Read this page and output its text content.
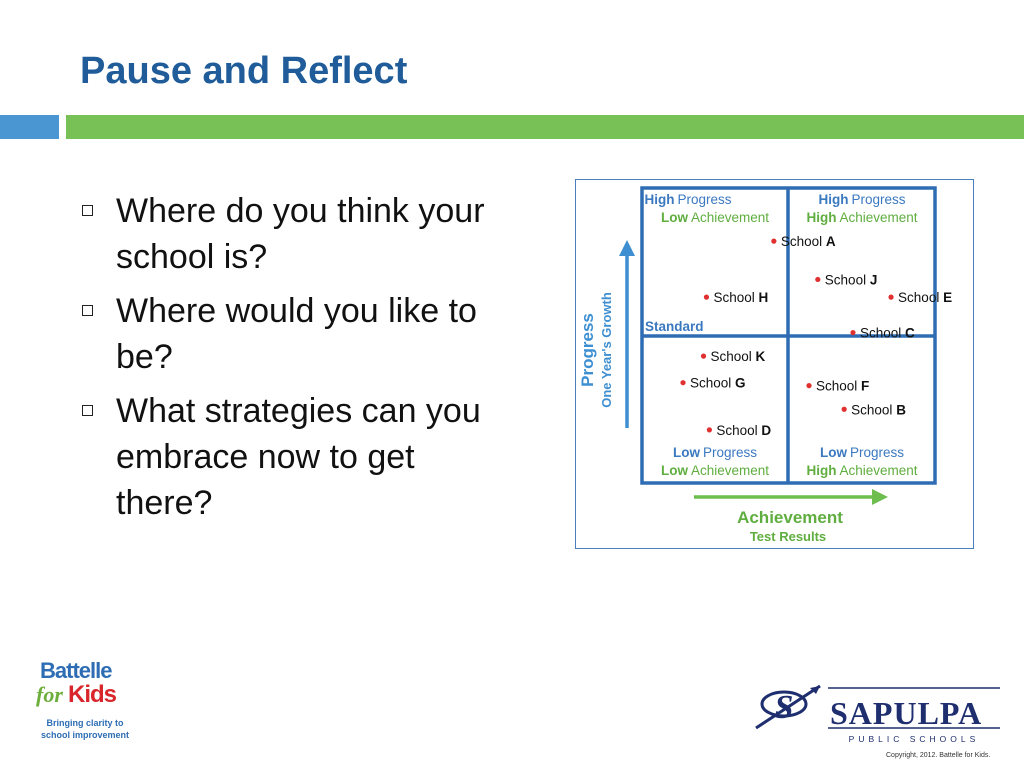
Pause and Reflect
Where do you think your school is?
Where would you like to be?
What strategies can you embrace now to get there?
High Progress
Low Achievement
High Progress
High Achievement
Low Progress
Low Achievement
Low Progress
High Achievement
Standard
Progress One Year's Growth
Achievement
Test Results
School A
School H
School J
School E
School C
School K
School G	School F
School B
School D
Battelle
for Kids
Bringing clarity to
school improvement
S SAPULPA
PUBLIC SCHOOLS
Copyright, 2012. Battelle for Kids.
